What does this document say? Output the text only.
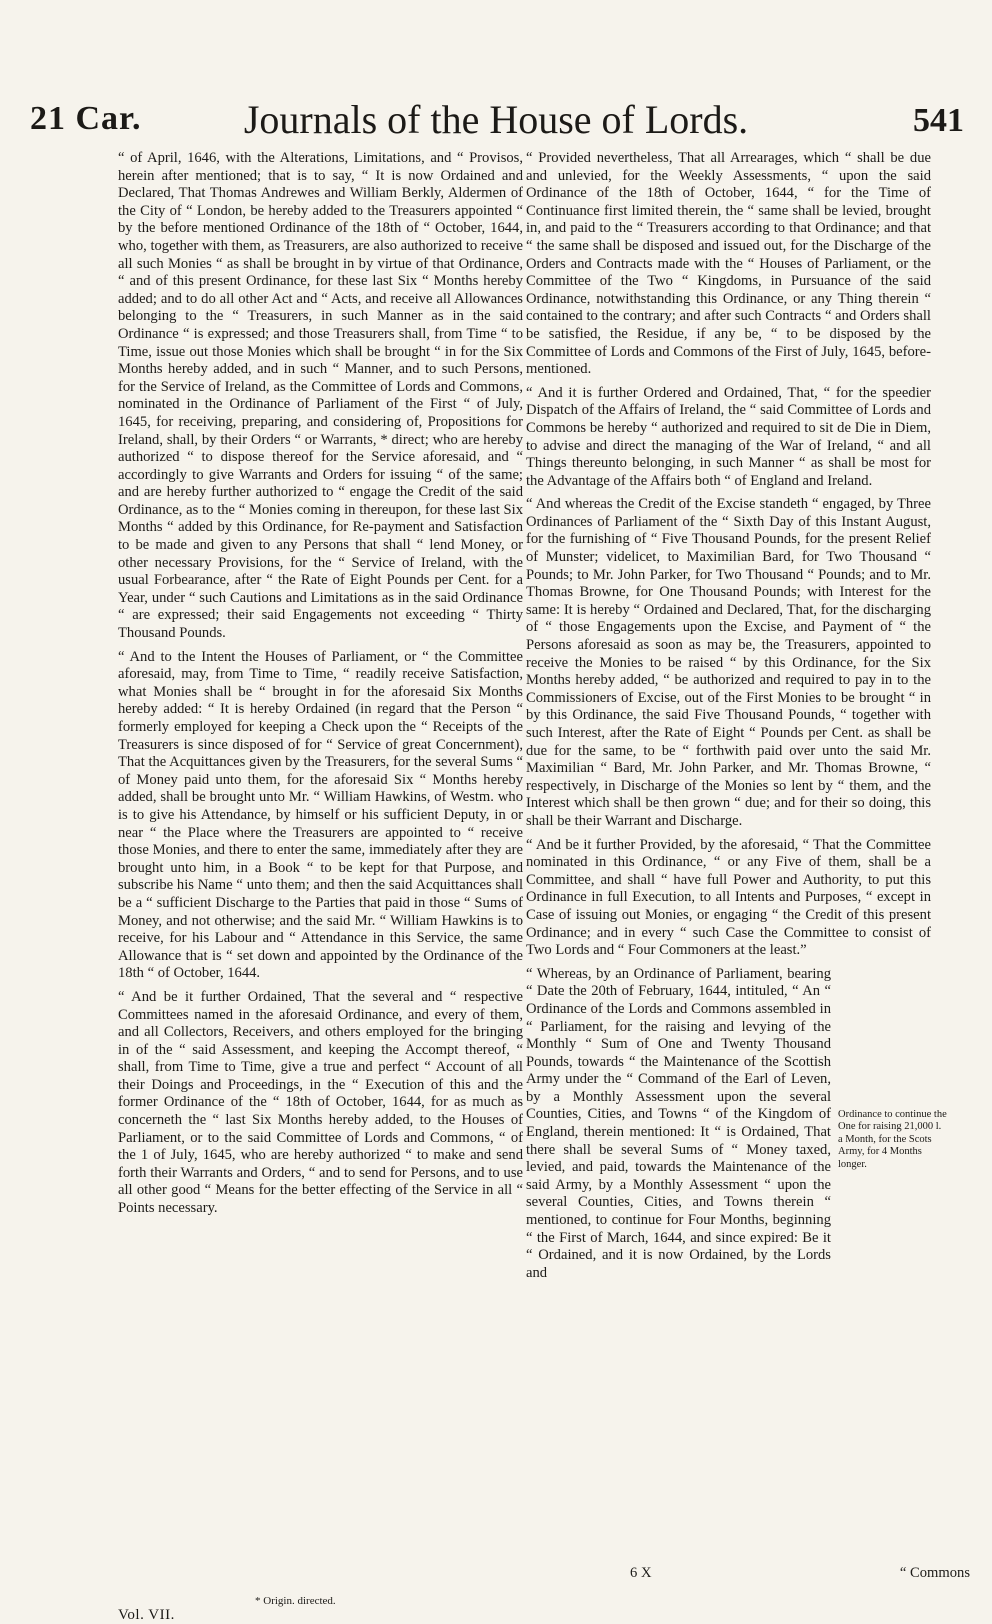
21 Car.	Journals of the House of Lords.	541

“ of April, 1646, with the Alterations, Limitations, and “ Provisos, herein after mentioned; that is to say, “ It is now Ordained and Declared, That Thomas Andrewes and William Berkly, Aldermen of the City of “ London, be hereby added to the Treasurers appointed “ by the before mentioned Ordinance of the 18th of “ October, 1644, who, together with them, as Treasurers, are also authorized to receive all such Monies “ as shall be brought in by virtue of that Ordinance, “ and of this present Ordinance, for these last Six “ Months hereby added; and to do all other Act and “ Acts, and receive all Allowances belonging to the “ Treasurers, in such Manner as in the said Ordinance “ is expressed; and those Treasurers shall, from Time “ to Time, issue out those Monies which shall be brought “ in for the Six Months hereby added, and in such “ Manner, and to such Persons, for the Service of Ireland, as the Committee of Lords and Commons, nominated in the Ordinance of Parliament of the First “ of July, 1645, for receiving, preparing, and considering of, Propositions for Ireland, shall, by their Orders “ or Warrants, * direct; who are hereby authorized “ to dispose thereof for the Service aforesaid, and “ accordingly to give Warrants and Orders for issuing “ of the same; and are hereby further authorized to “ engage the Credit of the said Ordinance, as to the “ Monies coming in thereupon, for these last Six Months “ added by this Ordinance, for Re-payment and Satisfaction to be made and given to any Persons that shall “ lend Money, or other necessary Provisions, for the “ Service of Ireland, with the usual Forbearance, after “ the Rate of Eight Pounds per Cent. for a Year, under “ such Cautions and Limitations as in the said Ordinance “ are expressed; their said Engagements not exceeding “ Thirty Thousand Pounds.

“ And to the Intent the Houses of Parliament, or “ the Committee aforesaid, may, from Time to Time, “ readily receive Satisfaction, what Monies shall be “ brought in for the aforesaid Six Months hereby added: “ It is hereby Ordained (in regard that the Person “ formerly employed for keeping a Check upon the “ Receipts of the Treasurers is since disposed of for “ Service of great Concernment), That the Acquittances given by the Treasurers, for the several Sums “ of Money paid unto them, for the aforesaid Six “ Months hereby added, shall be brought unto Mr. “ William Hawkins, of Westm. who is to give his Attendance, by himself or his sufficient Deputy, in or near “ the Place where the Treasurers are appointed to “ receive those Monies, and there to enter the same, immediately after they are brought unto him, in a Book “ to be kept for that Purpose, and subscribe his Name “ unto them; and then the said Acquittances shall be a “ sufficient Discharge to the Parties that paid in those “ Sums of Money, and not otherwise; and the said Mr. “ William Hawkins is to receive, for his Labour and “ Attendance in this Service, the same Allowance that is “ set down and appointed by the Ordinance of the 18th “ of October, 1644.

“ And be it further Ordained, That the several and “ respective Committees named in the aforesaid Ordinance, and every of them, and all Collectors, Receivers, and others employed for the bringing in of the “ said Assessment, and keeping the Accompt thereof, “ shall, from Time to Time, give a true and perfect “ Account of all their Doings and Proceedings, in the “ Execution of this and the former Ordinance of the “ 18th of October, 1644, for as much as concerneth the “ last Six Months hereby added, to the Houses of Parliament, or to the said Committee of Lords and Commons, “ of the 1 of July, 1645, who are hereby authorized “ to make and send forth their Warrants and Orders, “ and to send for Persons, and to use all other good “ Means for the better effecting of the Service in all “ Points necessary.

“ Provided nevertheless, That all Arrearages, which “ shall be due and unlevied, for the Weekly Assessments, “ upon the said Ordinance of the 18th of October, 1644, “ for the Time of Continuance first limited therein, the “ same shall be levied, brought in, and paid to the “ Treasurers according to that Ordinance; and that “ the same shall be disposed and issued out, for the Discharge of the Orders and Contracts made with the “ Houses of Parliament, or the Committee of the Two “ Kingdoms, in Pursuance of the said Ordinance, notwithstanding this Ordinance, or any Thing therein “ contained to the contrary; and after such Contracts “ and Orders shall be satisfied, the Residue, if any be, “ to be disposed by the Committee of Lords and Commons of the First of July, 1645, before-mentioned.

“ And it is further Ordered and Ordained, That, “ for the speedier Dispatch of the Affairs of Ireland, the “ said Committee of Lords and Commons be hereby “ authorized and required to sit de Die in Diem, to advise and direct the managing of the War of Ireland, “ and all Things thereunto belonging, in such Manner “ as shall be most for the Advantage of the Affairs both “ of England and Ireland.

“ And whereas the Credit of the Excise standeth “ engaged, by Three Ordinances of Parliament of the “ Sixth Day of this Instant August, for the furnishing of “ Five Thousand Pounds, for the present Relief of Munster; videlicet, to Maximilian Bard, for Two Thousand “ Pounds; to Mr. John Parker, for Two Thousand “ Pounds; and to Mr. Thomas Browne, for One Thousand Pounds; with Interest for the same: It is hereby “ Ordained and Declared, That, for the discharging of “ those Engagements upon the Excise, and Payment of “ the Persons aforesaid as soon as may be, the Treasurers, appointed to receive the Monies to be raised “ by this Ordinance, for the Six Months hereby added, “ be authorized and required to pay in to the Commissioners of Excise, out of the First Monies to be brought “ in by this Ordinance, the said Five Thousand Pounds, “ together with such Interest, after the Rate of Eight “ Pounds per Cent. as shall be due for the same, to be “ forthwith paid over unto the said Mr. Maximilian “ Bard, Mr. John Parker, and Mr. Thomas Browne, “ respectively, in Discharge of the Monies so lent by “ them, and the Interest which shall be then grown “ due; and for their so doing, this shall be their Warrant and Discharge.

“ And be it further Provided, by the aforesaid, “ That the Committee nominated in this Ordinance, “ or any Five of them, shall be a Committee, and shall “ have full Power and Authority, to put this Ordinance in full Execution, to all Intents and Purposes, “ except in Case of issuing out Monies, or engaging “ the Credit of this present Ordinance; and in every “ such Case the Committee to consist of Two Lords and “ Four Commoners at the least.”

“ Whereas, by an Ordinance of Parliament, bearing “ Date the 20th of February, 1644, intituled, “ An “ Ordinance of the Lords and Commons assembled in “ Parliament, for the raising and levying of the Monthly “ Sum of One and Twenty Thousand Pounds, towards “ the Maintenance of the Scottish Army under the “ Command of the Earl of Leven, by a Monthly Assessment upon the several Counties, Cities, and Towns “ of the Kingdom of England, therein mentioned: It “ is Ordained, That there shall be several Sums of “ Money taxed, levied, and paid, towards the Maintenance of the said Army, by a Monthly Assessment “ upon the several Counties, Cities, and Towns therein “ mentioned, to continue for Four Months, beginning “ the First of March, 1644, and since expired: Be it “ Ordained, and it is now Ordained, by the Lords and

Ordinance to continue the One for raising 21,000 l. a Month, for the Scots Army, for 4 Months longer.
6 X	“ Commons
* Origin. directed.
Vol. VII.
